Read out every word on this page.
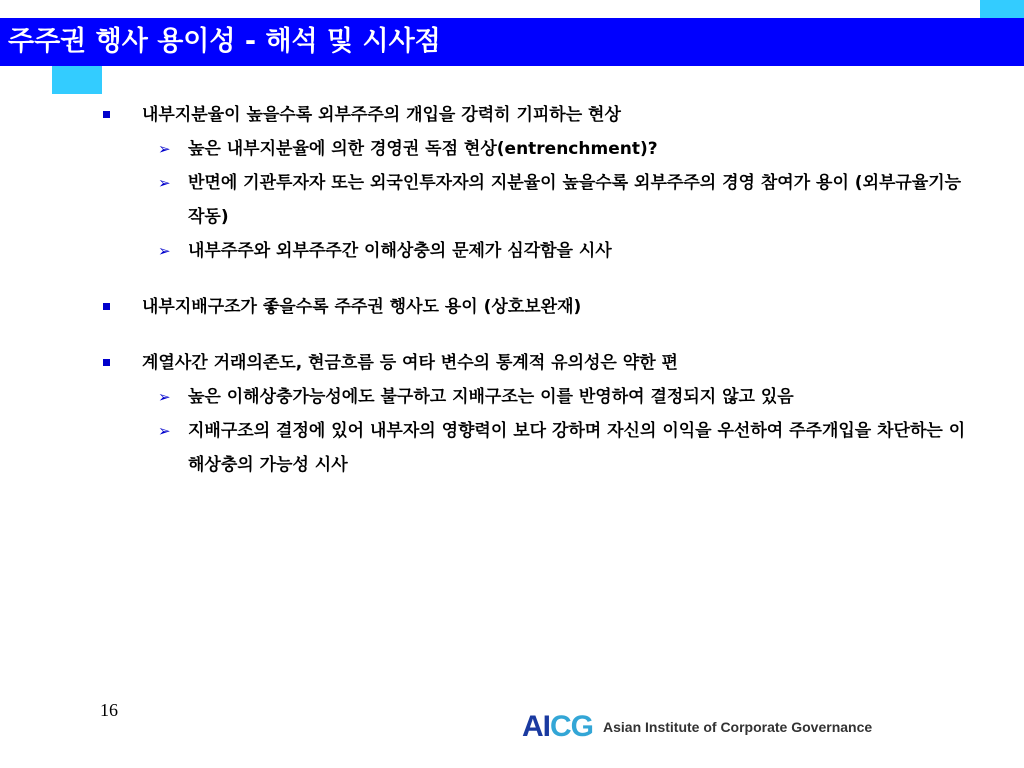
주주권 행사 용이성 - 해석 및 시사점
내부지분율이 높을수록 외부주주의 개입을 강력히 기피하는 현상
➢ 높은 내부지분율에 의한 경영권 독점 현상(entrenchment)?
➢ 반면에 기관투자자 또는 외국인투자자의 지분율이 높을수록 외부주주의 경영 참여가 용이 (외부규율기능 작동)
➢ 내부주주와 외부주주간 이해상충의 문제가 심각함을 시사
내부지배구조가 좋을수록 주주권 행사도 용이 (상호보완재)
계열사간 거래의존도, 현금흐름 등 여타 변수의 통계적 유의성은 약한 편
➢ 높은 이해상충가능성에도 불구하고 지배구조는 이를 반영하여 결정되지 않고 있음
➢ 지배구조의 결정에 있어 내부자의 영향력이 보다 강하며 자신의 이익을 우선하여 주주개입을 차단하는 이해상충의 가능성 시사
16	AICG Asian Institute of Corporate Governance
